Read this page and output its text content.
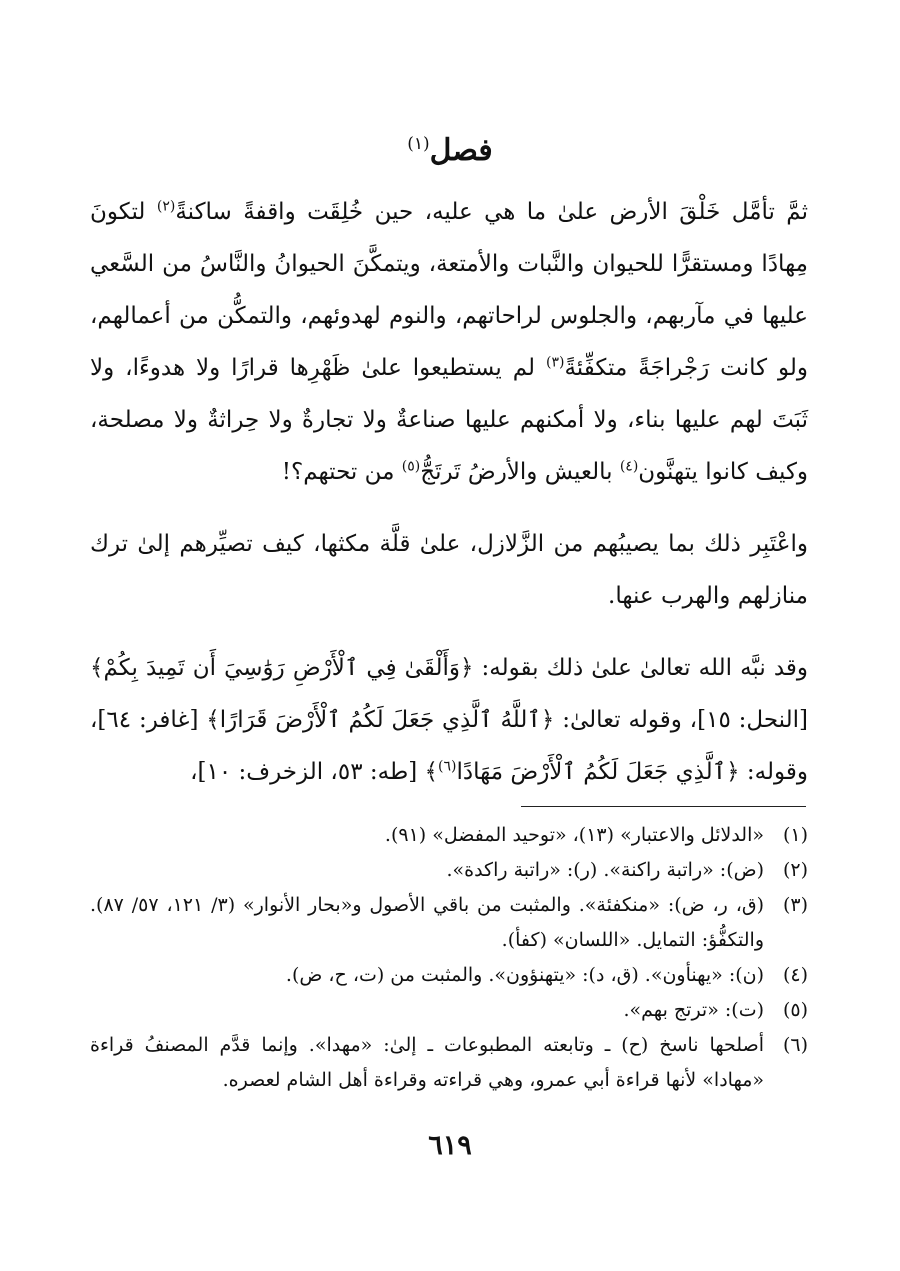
فصل$^{(١)}$

ثمَّ تأمَّل خَلْقَ الأرض علىٰ ما هي عليه، حين خُلِقَت واقفةً ساكنةً$^{(٢)}$ لتكونَ مِهادًا ومستقرًّا للحيوان والنَّبات والأمتعة، ويتمكَّنَ الحيوانُ والنَّاسُ من السَّعي عليها في مآربهم، والجلوس لراحاتهم، والنوم لهدوئهم، والتمكُّن من أعمالهم، ولو كانت رَجْراجَةً متكفِّئةً$^{(٣)}$ لم يستطيعوا علىٰ ظَهْرِها قرارًا ولا هدوءًا، ولا ثَبَتَ لهم عليها بناء، ولا أمكنهم عليها صناعةٌ ولا تجارةٌ ولا حِراثةٌ ولا مصلحة، وكيف كانوا يتهنَّون$^{(٤)}$ بالعيش والأرضُ تَرتَجُّ$^{(٥)}$ من تحتهم؟!

واعْتَبِر ذلك بما يصيبُهم من الزَّلازل، علىٰ قلَّة مكثها، كيف تصيِّرهم إلىٰ ترك منازلهم والهرب عنها.

وقد نبَّه الله تعالىٰ علىٰ ذلك بقوله: ﴿وَأَلْقَىٰ فِي ٱلْأَرْضِ رَوَٰسِيَ أَن تَمِيدَ بِكُمْ﴾ [النحل: ١٥]، وقوله تعالىٰ: ﴿ٱللَّهُ ٱلَّذِي جَعَلَ لَكُمُ ٱلْأَرْضَ قَرَارًا﴾ [غافر: ٦٤]، وقوله: ﴿ٱلَّذِي جَعَلَ لَكُمُ ٱلْأَرْضَ مَهَادًا$^{(٦)}$﴾ [طه: ٥٣، الزخرف: ١٠]،

(١)
«الدلائل والاعتبار» (١٣)، «توحيد المفضل» (٩١).
(٢)
(ض): «راتبة راكنة». (ر): «راتبة راكدة».
(٣)
(ق، ر، ض): «منكفئة». والمثبت من باقي الأصول و«بحار الأنوار» (٣/ ١٢١، ٥٧/ ٨٧). والتكفُّؤ: التمايل. «اللسان» (كفأ).
(٤)
(ن): «يهنأون». (ق، د): «يتهنؤون». والمثبت من (ت، ح، ض).
(٥)
(ت): «ترتج بهم».
(٦)
أصلحها ناسخ (ح) ـ وتابعته المطبوعات ـ إلىٰ: «مهدا». وإنما قدَّم المصنفُ قراءة «مهادا» لأنها قراءة أبي عمرو، وهي قراءته وقراءة أهل الشام لعصره.
٦١٩
